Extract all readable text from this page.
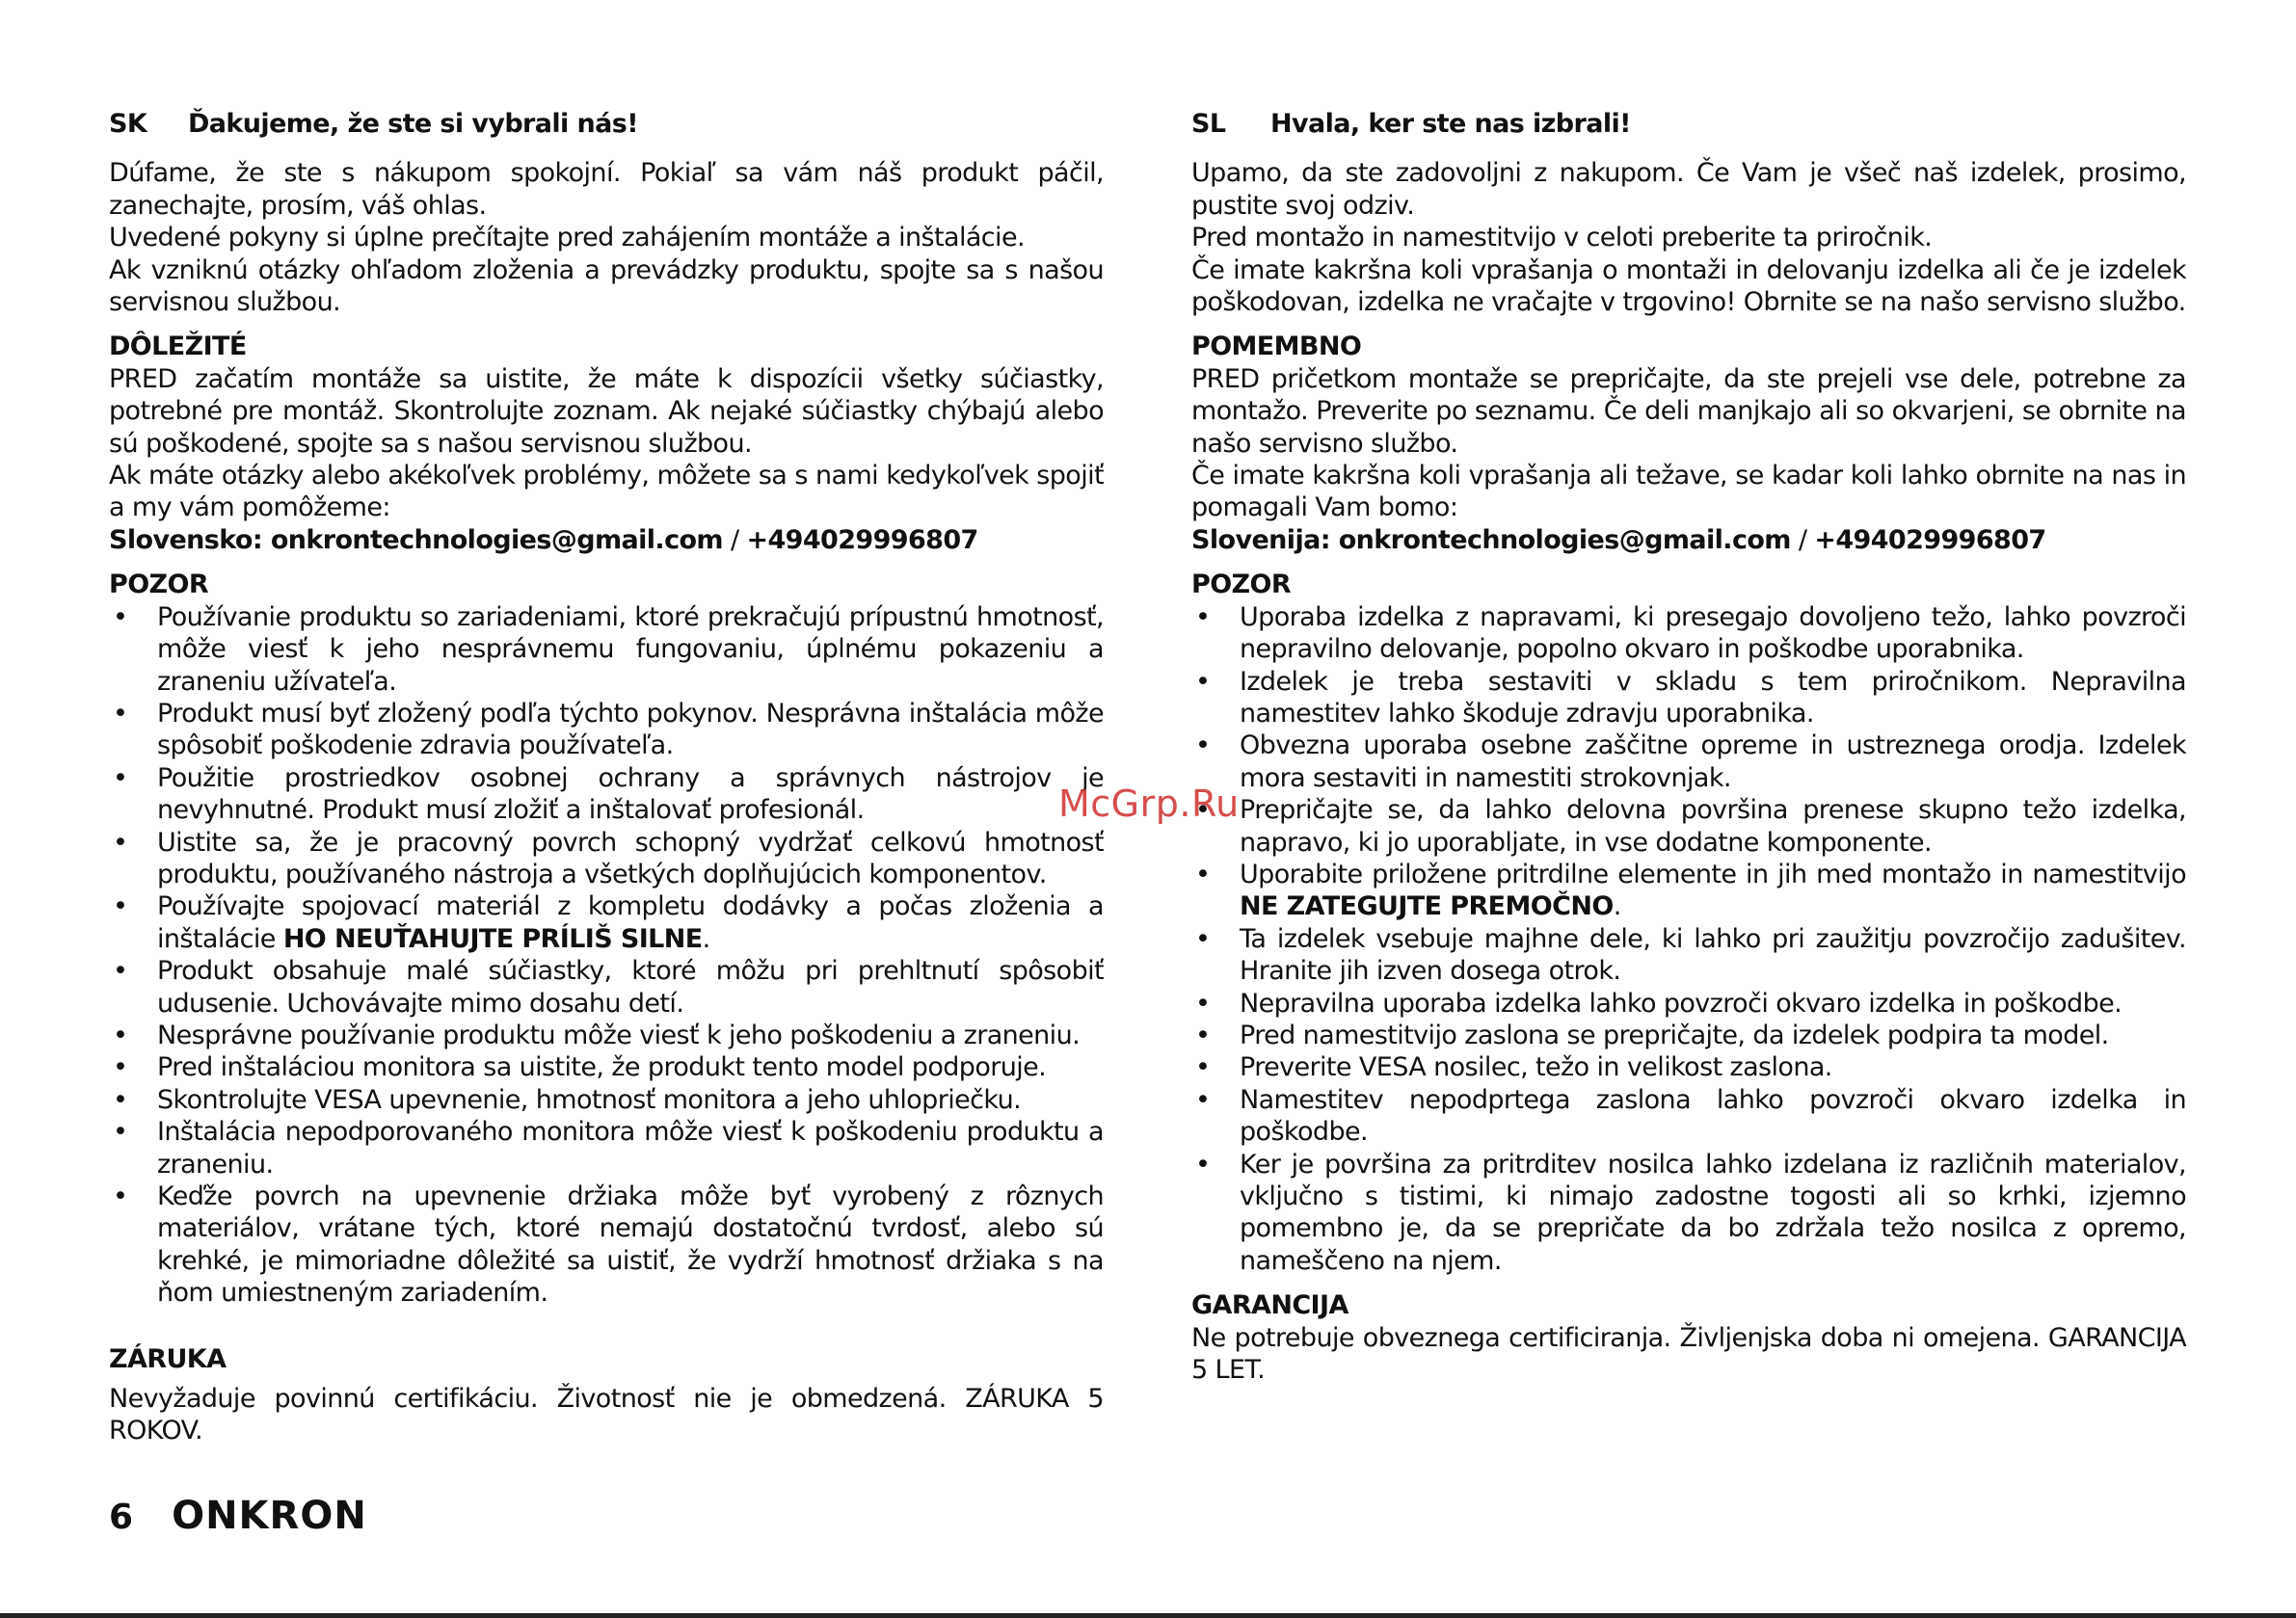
SK	Ďakujeme, že ste si vybrali nás!

Dúfame, že ste s nákupom spokojní. Pokiaľ sa vám náš produkt páčil, zanechajte, prosím, váš ohlas.

Uvedené pokyny si úplne prečítajte pred zahájením montáže a inštalácie.

Ak vzniknú otázky ohľadom zloženia a prevádzky produktu, spojte sa s našou servisnou službou.

DÔLEŽITÉ

PRED začatím montáže sa uistite, že máte k dispozícii všetky súčiastky, potrebné pre montáž. Skontrolujte zoznam. Ak nejaké súčiastky chýbajú alebo sú poškodené, spojte sa s našou servisnou službou.

Ak máte otázky alebo akékoľvek problémy, môžete sa s nami kedykoľvek spojiť a my vám pomôžeme:

Slovensko: onkrontechnologies@gmail.com / +494029996807

POZOR
• Používanie produktu so zariadeniami, ktoré prekračujú prípustnú hmotnosť, môže viesť k jeho nesprávnemu fungovaniu, úplnému pokazeniu a zraneniu užívateľa.
• Produkt musí byť zložený podľa týchto pokynov. Nesprávna inštalácia môže spôsobiť poškodenie zdravia používateľa.
• Použitie prostriedkov osobnej ochrany a správnych nástrojov je nevyhnutné. Produkt musí zložiť a inštalovať profesionál.
• Uistite sa, že je pracovný povrch schopný vydržať celkovú hmotnosť produktu, používaného nástroja a všetkých doplňujúcich komponentov.
• Používajte spojovací materiál z kompletu dodávky a počas zloženia a inštalácie HO NEUŤAHUJTE PRÍLIŠ SILNE.
• Produkt obsahuje malé súčiastky, ktoré môžu pri prehltnutí spôsobiť udusenie. Uchovávajte mimo dosahu detí.
• Nesprávne používanie produktu môže viesť k jeho poškodeniu a zraneniu.
• Pred inštaláciou monitora sa uistite, že produkt tento model podporuje.
• Skontrolujte VESA upevnenie, hmotnosť monitora a jeho uhlopriečku.
• Inštalácia nepodporovaného monitora môže viesť k poškodeniu produktu a zraneniu.
• Keďže povrch na upevnenie držiaka môže byť vyrobený z rôznych materiálov, vrátane tých, ktoré nemajú dostatočnú tvrdosť, alebo sú krehké, je mimoriadne dôležité sa uistiť, že vydrží hmotnosť držiaka s na ňom umiestneným zariadením.
ZÁRUKA

Nevyžaduje povinnú certifikáciu. Životnosť nie je obmedzená. ZÁRUKA 5 ROKOV.

SL	Hvala, ker ste nas izbrali!

Upamo, da ste zadovoljni z nakupom. Če Vam je všeč naš izdelek, prosimo, pustite svoj odziv.

Pred montažo in namestitvijo v celoti preberite ta priročnik.

Če imate kakršna koli vprašanja o montaži in delovanju izdelka ali če je izdelek poškodovan, izdelka ne vračajte v trgovino! Obrnite se na našo servisno službo.

POMEMBNO

PRED pričetkom montaže se prepričajte, da ste prejeli vse dele, potrebne za montažo. Preverite po seznamu. Če deli manjkajo ali so okvarjeni, se obrnite na našo servisno službo.

Če imate kakršna koli vprašanja ali težave, se kadar koli lahko obrnite na nas in pomagali Vam bomo:

Slovenija: onkrontechnologies@gmail.com / +494029996807

POZOR
• Uporaba izdelka z napravami, ki presegajo dovoljeno težo, lahko povzroči nepravilno delovanje, popolno okvaro in poškodbe uporabnika.
• Izdelek je treba sestaviti v skladu s tem priročnikom. Nepravilna namestitev lahko škoduje zdravju uporabnika.
• Obvezna uporaba osebne zaščitne opreme in ustreznega orodja. Izdelek mora sestaviti in namestiti strokovnjak.
• Prepričajte se, da lahko delovna površina prenese skupno težo izdelka, napravo, ki jo uporabljate, in vse dodatne komponente.
• Uporabite priložene pritrdilne elemente in jih med montažo in namestitvijo NE ZATEGUJTE PREMOČNO.
• Ta izdelek vsebuje majhne dele, ki lahko pri zaužitju povzročijo zadušitev. Hranite jih izven dosega otrok.
• Nepravilna uporaba izdelka lahko povzroči okvaro izdelka in poškodbe.
• Pred namestitvijo zaslona se prepričajte, da izdelek podpira ta model.
• Preverite VESA nosilec, težo in velikost zaslona.
• Namestitev nepodprtega zaslona lahko povzroči okvaro izdelka in poškodbe.
• Ker je površina za pritrditev nosilca lahko izdelana iz različnih materialov, vključno s tistimi, ki nimajo zadostne togosti ali so krhki, izjemno pomembno je, da se prepričate da bo zdržala težo nosilca z opremo, nameščeno na njem.
GARANCIJA

Ne potrebuje obveznega certificiranja. Življenjska doba ni omejena. GARANCIJA 5 LET.

McGrp.Ru
6 ONKRON
